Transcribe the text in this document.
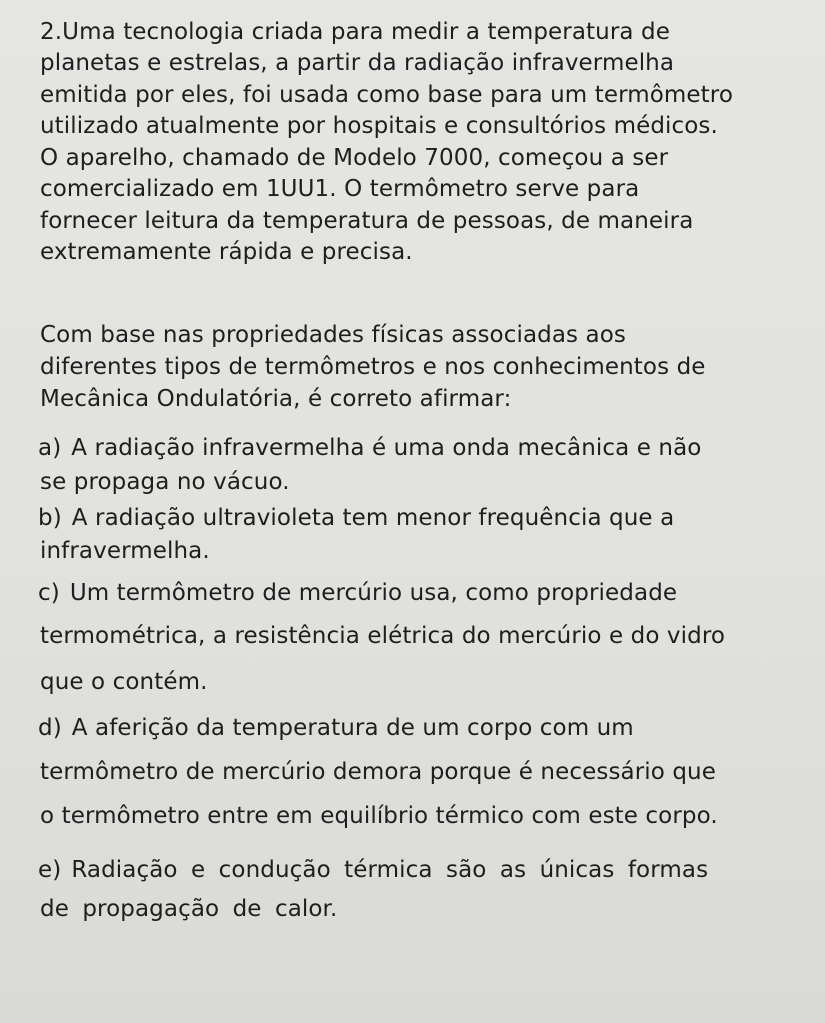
2.Uma tecnologia criada para medir a temperatura de
planetas e estrelas, a partir da radiação infravermelha
emitida por eles, foi usada como base para um termômetro
utilizado atualmente por hospitais e consultórios médicos.
O aparelho, chamado de Modelo 7000, começou a ser
comercializado em 1UU1. O termômetro serve para
fornecer leitura da temperatura de pessoas, de maneira
extremamente rápida e precisa.
Com base nas propriedades físicas associadas aos
diferentes tipos de termômetros e nos conhecimentos de
Mecânica Ondulatória, é correto afirmar:
a) A radiação infravermelha é uma onda mecânica e não
se propaga no vácuo.
b) A radiação ultravioleta tem menor frequência que a
infravermelha.
c) Um termômetro de mercúrio usa, como propriedade
termométrica, a resistência elétrica do mercúrio e do vidro
que o contém.
d) A aferição da temperatura de um corpo com um
termômetro de mercúrio demora porque é necessário que
o termômetro entre em equilíbrio térmico com este corpo.
e) Radiação e condução térmica são as únicas formas
de propagação de calor.
